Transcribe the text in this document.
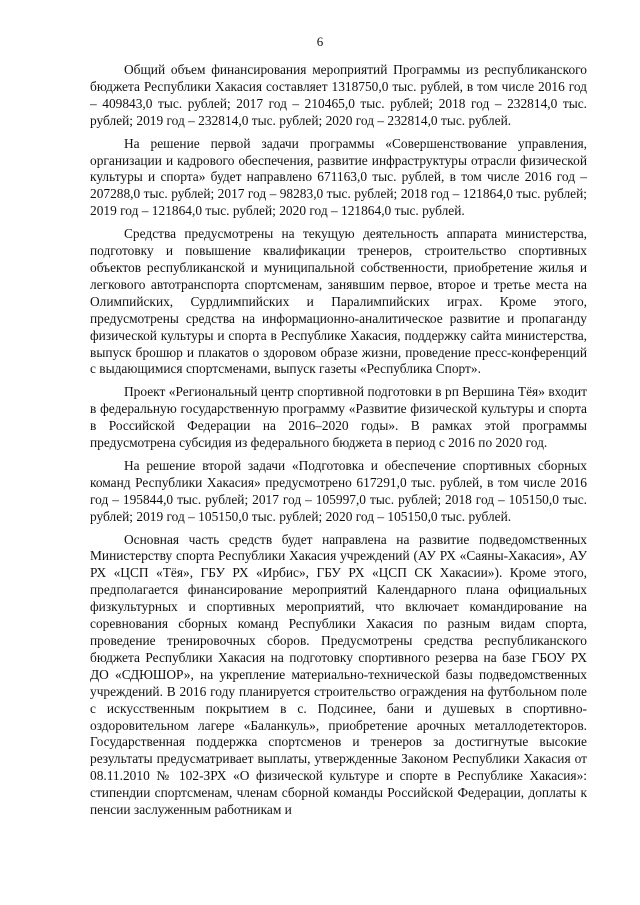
6

Общий объем финансирования мероприятий Программы из республиканского бюджета Республики Хакасия составляет 1318750,0 тыс. рублей, в том числе 2016 год – 409843,0 тыс. рублей; 2017 год – 210465,0 тыс. рублей; 2018 год – 232814,0 тыс. рублей; 2019 год – 232814,0 тыс. рублей; 2020 год – 232814,0 тыс. рублей.

На решение первой задачи программы «Совершенствование управления, организации и кадрового обеспечения, развитие инфраструктуры отрасли физической культуры и спорта» будет направлено 671163,0 тыс. рублей, в том числе 2016 год – 207288,0 тыс. рублей; 2017 год – 98283,0 тыс. рублей; 2018 год – 121864,0 тыс. рублей; 2019 год – 121864,0 тыс. рублей; 2020 год – 121864,0 тыс. рублей.

Средства предусмотрены на текущую деятельность аппарата министерства, подготовку и повышение квалификации тренеров, строительство спортивных объектов республиканской и муниципальной собственности, приобретение жилья и легкового автотранспорта спортсменам, занявшим первое, второе и третье места на Олимпийских, Сурдлимпийских и Паралимпийских играх. Кроме этого, предусмотрены средства на информационно-аналитическое развитие и пропаганду физической культуры и спорта в Республике Хакасия, поддержку сайта министерства, выпуск брошюр и плакатов о здоровом образе жизни, проведение пресс-конференций с выдающимися спортсменами, выпуск газеты «Республика Спорт».

Проект «Региональный центр спортивной подготовки в рп Вершина Тёя» входит в федеральную государственную программу «Развитие физической культуры и спорта в Российской Федерации на 2016–2020 годы». В рамках этой программы предусмотрена субсидия из федерального бюджета в период с 2016 по 2020 год.

На решение второй задачи «Подготовка и обеспечение спортивных сборных команд Республики Хакасия» предусмотрено 617291,0 тыс. рублей, в том числе 2016 год – 195844,0 тыс. рублей; 2017 год – 105997,0 тыс. рублей; 2018 год – 105150,0 тыс. рублей; 2019 год – 105150,0 тыс. рублей; 2020 год – 105150,0 тыс. рублей.

Основная часть средств будет направлена на развитие подведомственных Министерству спорта Республики Хакасия учреждений (АУ РХ «Саяны-Хакасия», АУ РХ «ЦСП «Тёя», ГБУ РХ «Ирбис», ГБУ РХ «ЦСП СК Хакасии»). Кроме этого, предполагается финансирование мероприятий Календарного плана официальных физкультурных и спортивных мероприятий, что включает командирование на соревнования сборных команд Республики Хакасия по разным видам спорта, проведение тренировочных сборов. Предусмотрены средства республиканского бюджета Республики Хакасия на подготовку спортивного резерва на базе ГБОУ РХ ДО «СДЮШОР», на укрепление материально-технической базы подведомственных учреждений. В 2016 году планируется строительство ограждения на футбольном поле с искусственным покрытием в с. Подсинее, бани и душевых в спортивно-оздоровительном лагере «Баланкуль», приобретение арочных металлодетекторов. Государственная поддержка спортсменов и тренеров за достигнутые высокие результаты предусматривает выплаты, утвержденные Законом Республики Хакасия от 08.11.2010 № 102-ЗРХ «О физической культуре и спорте в Республике Хакасия»: стипендии спортсменам, членам сборной команды Российской Федерации, доплаты к пенсии заслуженным работникам и
